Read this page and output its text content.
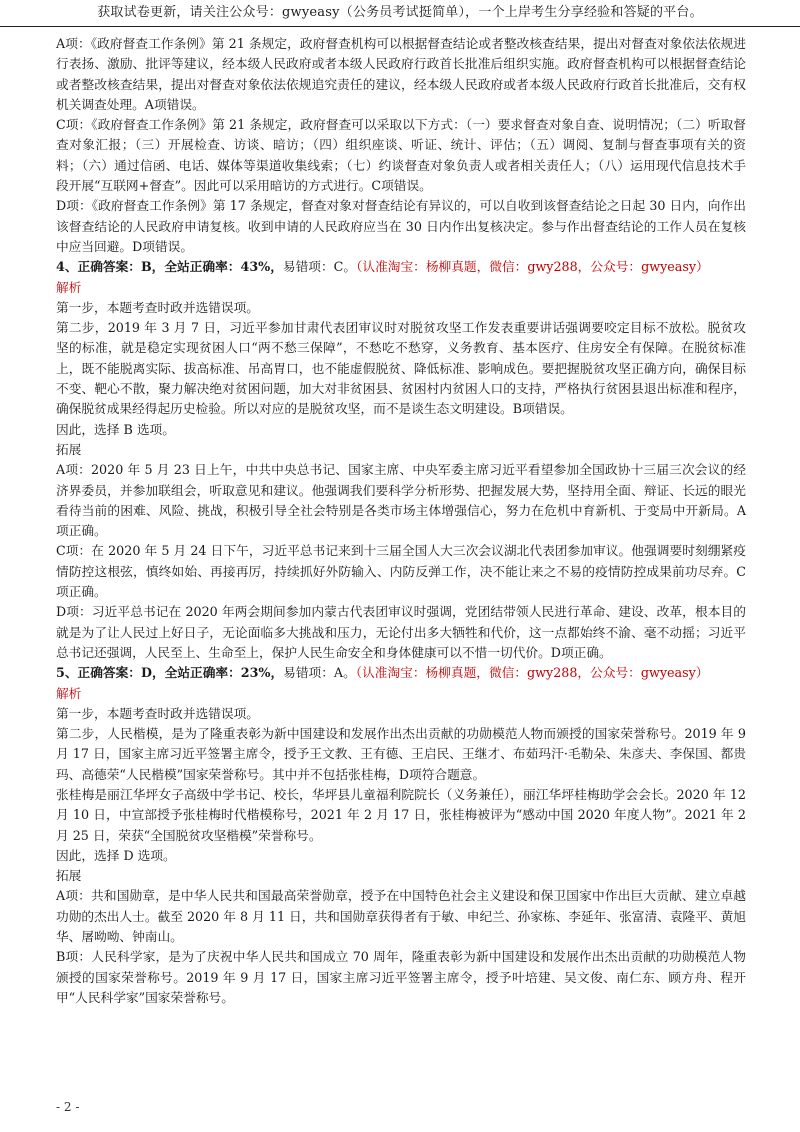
获取试卷更新，请关注公众号：gwyeasy（公务员考试挺简单），一个上岸考生分享经验和答疑的平台。

A项：《政府督查工作条例》第 21 条规定，政府督查机构可以根据督查结论或者整改核查结果，提出对督查对象依法依规进行表扬、激励、批评等建议，经本级人民政府或者本级人民政府行政首长批准后组织实施。政府督查机构可以根据督查结论或者整改核查结果，提出对督查对象依法依规追究责任的建议，经本级人民政府或者本级人民政府行政首长批准后，交有权机关调查处理。A项错误。

C项：《政府督查工作条例》第 21 条规定，政府督查可以采取以下方式：（一）要求督查对象自查、说明情况；（二）听取督查对象汇报；（三）开展检查、访谈、暗访；（四）组织座谈、听证、统计、评估；（五）调阅、复制与督查事项有关的资料；（六）通过信函、电话、媒体等渠道收集线索；（七）约谈督查对象负责人或者相关责任人；（八）运用现代信息技术手段开展“互联网+督查”。因此可以采用暗访的方式进行。C项错误。

D项：《政府督查工作条例》第 17 条规定，督查对象对督查结论有异议的，可以自收到该督查结论之日起 30 日内，向作出该督查结论的人民政府申请复核。收到申请的人民政府应当在 30 日内作出复核决定。参与作出督查结论的工作人员在复核中应当回避。D项错误。

4、正确答案：B，全站正确率：43%，易错项：C。（认准淘宝：杨柳真题，微信：gwy288，公众号：gwyeasy）

解析

第一步，本题考查时政并选错误项。

第二步，2019 年 3 月 7 日，习近平参加甘肃代表团审议时对脱贫攻坚工作发表重要讲话强调要咬定目标不放松。脱贫攻坚的标准，就是稳定实现贫困人口“两不愁三保障”，不愁吃不愁穿，义务教育、基本医疗、住房安全有保障。在脱贫标准上，既不能脱离实际、拔高标准、吊高胃口，也不能虚假脱贫、降低标准、影响成色。要把握脱贫攻坚正确方向，确保目标不变、靶心不散，聚力解决绝对贫困问题，加大对非贫困县、贫困村内贫困人口的支持，严格执行贫困县退出标准和程序，确保脱贫成果经得起历史检验。所以对应的是脱贫攻坚，而不是谈生态文明建设。B项错误。

因此，选择 B 选项。

拓展

A项：2020 年 5 月 23 日上午，中共中央总书记、国家主席、中央军委主席习近平看望参加全国政协十三届三次会议的经济界委员，并参加联组会，听取意见和建议。他强调我们要科学分析形势、把握发展大势，坚持用全面、辩证、长远的眼光看待当前的困难、风险、挑战，积极引导全社会特别是各类市场主体增强信心，努力在危机中育新机、于变局中开新局。A项正确。

C项：在 2020 年 5 月 24 日下午，习近平总书记来到十三届全国人大三次会议湖北代表团参加审议。他强调要时刻绷紧疫情防控这根弦，慎终如始、再接再厉，持续抓好外防输入、内防反弹工作，决不能让来之不易的疫情防控成果前功尽弃。C项正确。

D项：习近平总书记在 2020 年两会期间参加内蒙古代表团审议时强调，党团结带领人民进行革命、建设、改革，根本目的就是为了让人民过上好日子，无论面临多大挑战和压力，无论付出多大牺牲和代价，这一点都始终不渝、毫不动摇；习近平总书记还强调，人民至上、生命至上，保护人民生命安全和身体健康可以不惜一切代价。D项正确。

5、正确答案：D，全站正确率：23%，易错项：A。（认准淘宝：杨柳真题，微信：gwy288，公众号：gwyeasy）

解析

第一步，本题考查时政并选错误项。

第二步，人民楷模，是为了隆重表彰为新中国建设和发展作出杰出贡献的功勋模范人物而颁授的国家荣誉称号。2019 年 9 月 17 日，国家主席习近平签署主席令，授予王文教、王有德、王启民、王继才、布茹玛汗·毛勒朵、朱彦夫、李保国、都贵玛、高德荣“人民楷模”国家荣誉称号。其中并不包括张桂梅，D项符合题意。

张桂梅是丽江华坪女子高级中学书记、校长，华坪县儿童福利院院长（义务兼任），丽江华坪桂梅助学会会长。2020 年 12 月 10 日，中宣部授予张桂梅时代楷模称号，2021 年 2 月 17 日，张桂梅被评为“感动中国 2020 年度人物”。2021 年 2 月 25 日，荣获“全国脱贫攻坚楷模”荣誉称号。

因此，选择 D 选项。

拓展

A项：共和国勋章，是中华人民共和国最高荣誉勋章，授予在中国特色社会主义建设和保卫国家中作出巨大贡献、建立卓越功勋的杰出人士。截至 2020 年 8 月 11 日，共和国勋章获得者有于敏、申纪兰、孙家栋、李延年、张富清、袁隆平、黄旭华、屠呦呦、钟南山。

B项：人民科学家，是为了庆祝中华人民共和国成立 70 周年，隆重表彰为新中国建设和发展作出杰出贡献的功勋模范人物颁授的国家荣誉称号。2019 年 9 月 17 日，国家主席习近平签署主席令，授予叶培建、吴文俊、南仁东、顾方舟、程开甲“人民科学家”国家荣誉称号。

- 2 -
